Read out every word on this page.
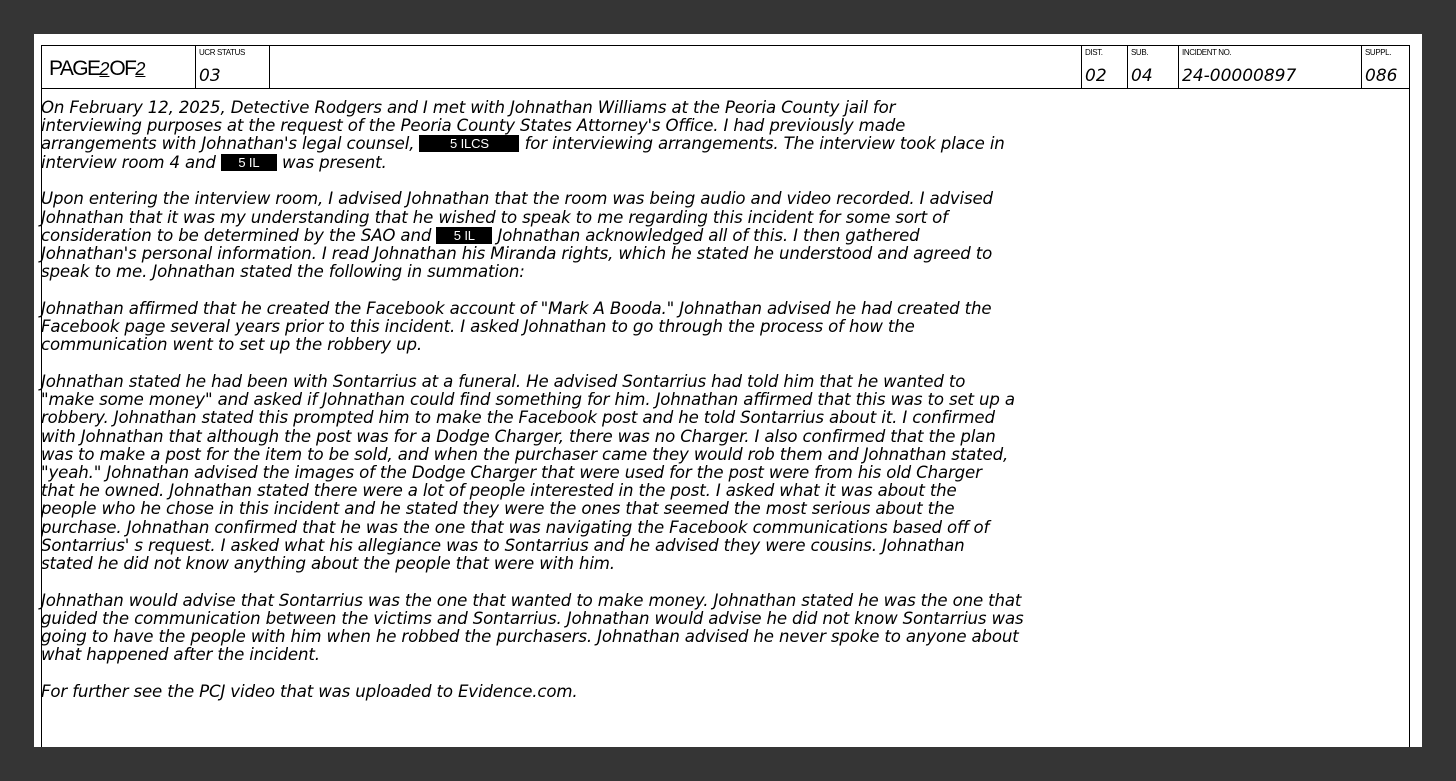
PAGE2OF2
UCR STATUS
03
DIST.
02
SUB.
04
INCIDENT NO.
24-00000897
SUPPL.
086

On February 12, 2025, Detective Rodgers and I met with Johnathan Williams at the Peoria County jail for
interviewing purposes at the request of the Peoria County States Attorney's Office. I had previously made
arrangements with Johnathan's legal counsel,	5 ILCS for interviewing arrangements. The interview took place in
interview room 4 and 5 IL was present.

Upon entering the interview room, I advised Johnathan that the room was being audio and video recorded. I advised
Johnathan that it was my understanding that he wished to speak to me regarding this incident for some sort of
consideration to be determined by the SAO and 5 IL Johnathan acknowledged all of this. I then gathered
Johnathan's personal information. I read Johnathan his Miranda rights, which he stated he understood and agreed to
speak to me. Johnathan stated the following in summation:

Johnathan affirmed that he created the Facebook account of "Mark A Booda." Johnathan advised he had created the
Facebook page several years prior to this incident. I asked Johnathan to go through the process of how the
communication went to set up the robbery up.

Johnathan stated he had been with Sontarrius at a funeral. He advised Sontarrius had told him that he wanted to
"make some money" and asked if Johnathan could find something for him. Johnathan affirmed that this was to set up a
robbery. Johnathan stated this prompted him to make the Facebook post and he told Sontarrius about it. I confirmed
with Johnathan that although the post was for a Dodge Charger, there was no Charger. I also confirmed that the plan
was to make a post for the item to be sold, and when the purchaser came they would rob them and Johnathan stated,
"yeah." Johnathan advised the images of the Dodge Charger that were used for the post were from his old Charger
that he owned. Johnathan stated there were a lot of people interested in the post. I asked what it was about the
people who he chose in this incident and he stated they were the ones that seemed the most serious about the
purchase. Johnathan confirmed that he was the one that was navigating the Facebook communications based off of
Sontarrius' s request. I asked what his allegiance was to Sontarrius and he advised they were cousins. Johnathan
stated he did not know anything about the people that were with him.

Johnathan would advise that Sontarrius was the one that wanted to make money. Johnathan stated he was the one that
guided the communication between the victims and Sontarrius. Johnathan would advise he did not know Sontarrius was
going to have the people with him when he robbed the purchasers. Johnathan advised he never spoke to anyone about
what happened after the incident.

For further see the PCJ video that was uploaded to Evidence.com.
